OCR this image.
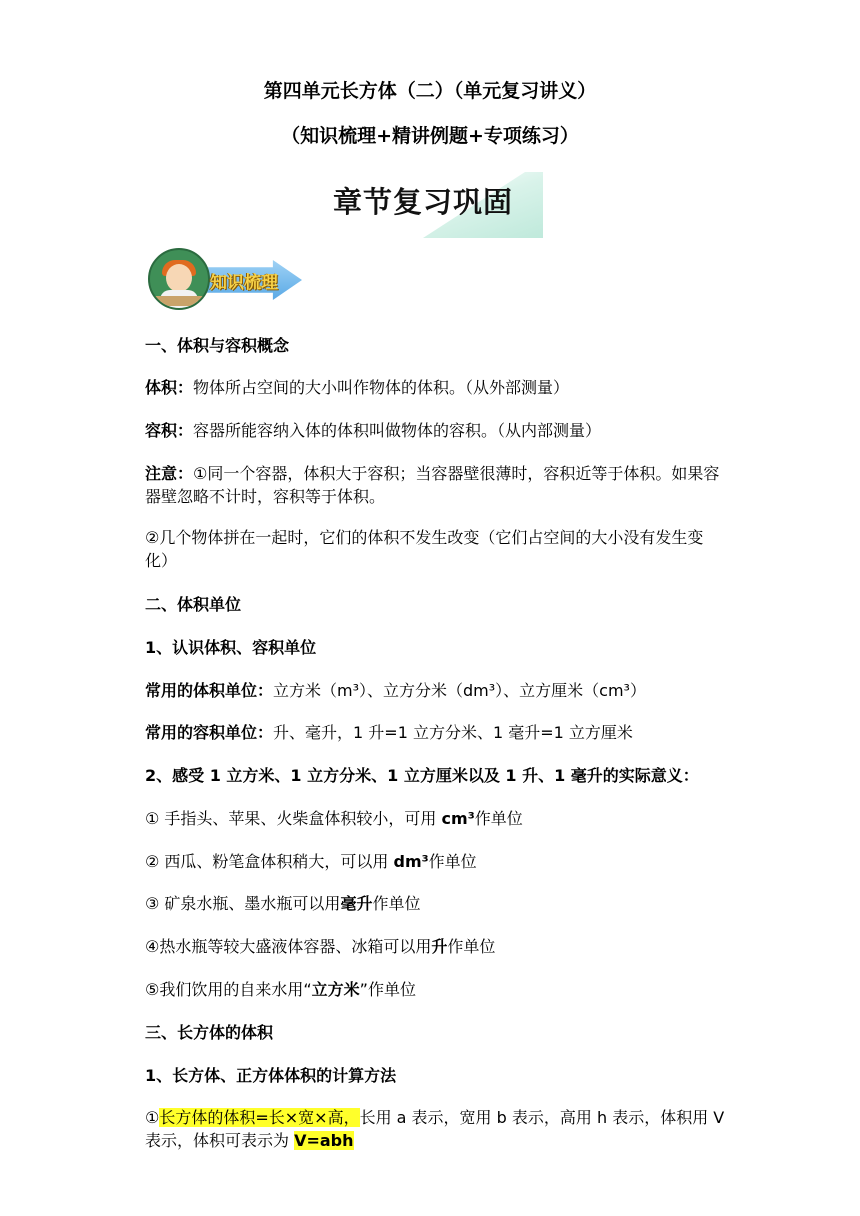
第四单元长方体（二）（单元复习讲义）
（知识梳理+精讲例题+专项练习）
章节复习巩固
知识梳理
一、体积与容积概念
体积：物体所占空间的大小叫作物体的体积。（从外部测量）
容积：容器所能容纳入体的体积叫做物体的容积。（从内部测量）
注意：①同一个容器，体积大于容积；当容器壁很薄时，容积近等于体积。如果容器壁忽略不计时，容积等于体积。
②几个物体拼在一起时，它们的体积不发生改变（它们占空间的大小没有发生变化）
二、体积单位
1、认识体积、容积单位
常用的体积单位：立方米（m³）、立方分米（dm³）、立方厘米（cm³）
常用的容积单位：升、毫升，1 升=1 立方分米、1 毫升=1 立方厘米
2、感受 1 立方米、1 立方分米、1 立方厘米以及 1 升、1 毫升的实际意义：
① 手指头、苹果、火柴盒体积较小，可用 cm³作单位
② 西瓜、粉笔盒体积稍大，可以用 dm³作单位
③ 矿泉水瓶、墨水瓶可以用毫升作单位
④热水瓶等较大盛液体容器、冰箱可以用升作单位
⑤我们饮用的自来水用“立方米”作单位
三、长方体的体积
1、长方体、正方体体积的计算方法
①长方体的体积=长×宽×高，长用 a 表示，宽用 b 表示，高用 h 表示，体积用 V 表示，体积可表示为 V=abh
